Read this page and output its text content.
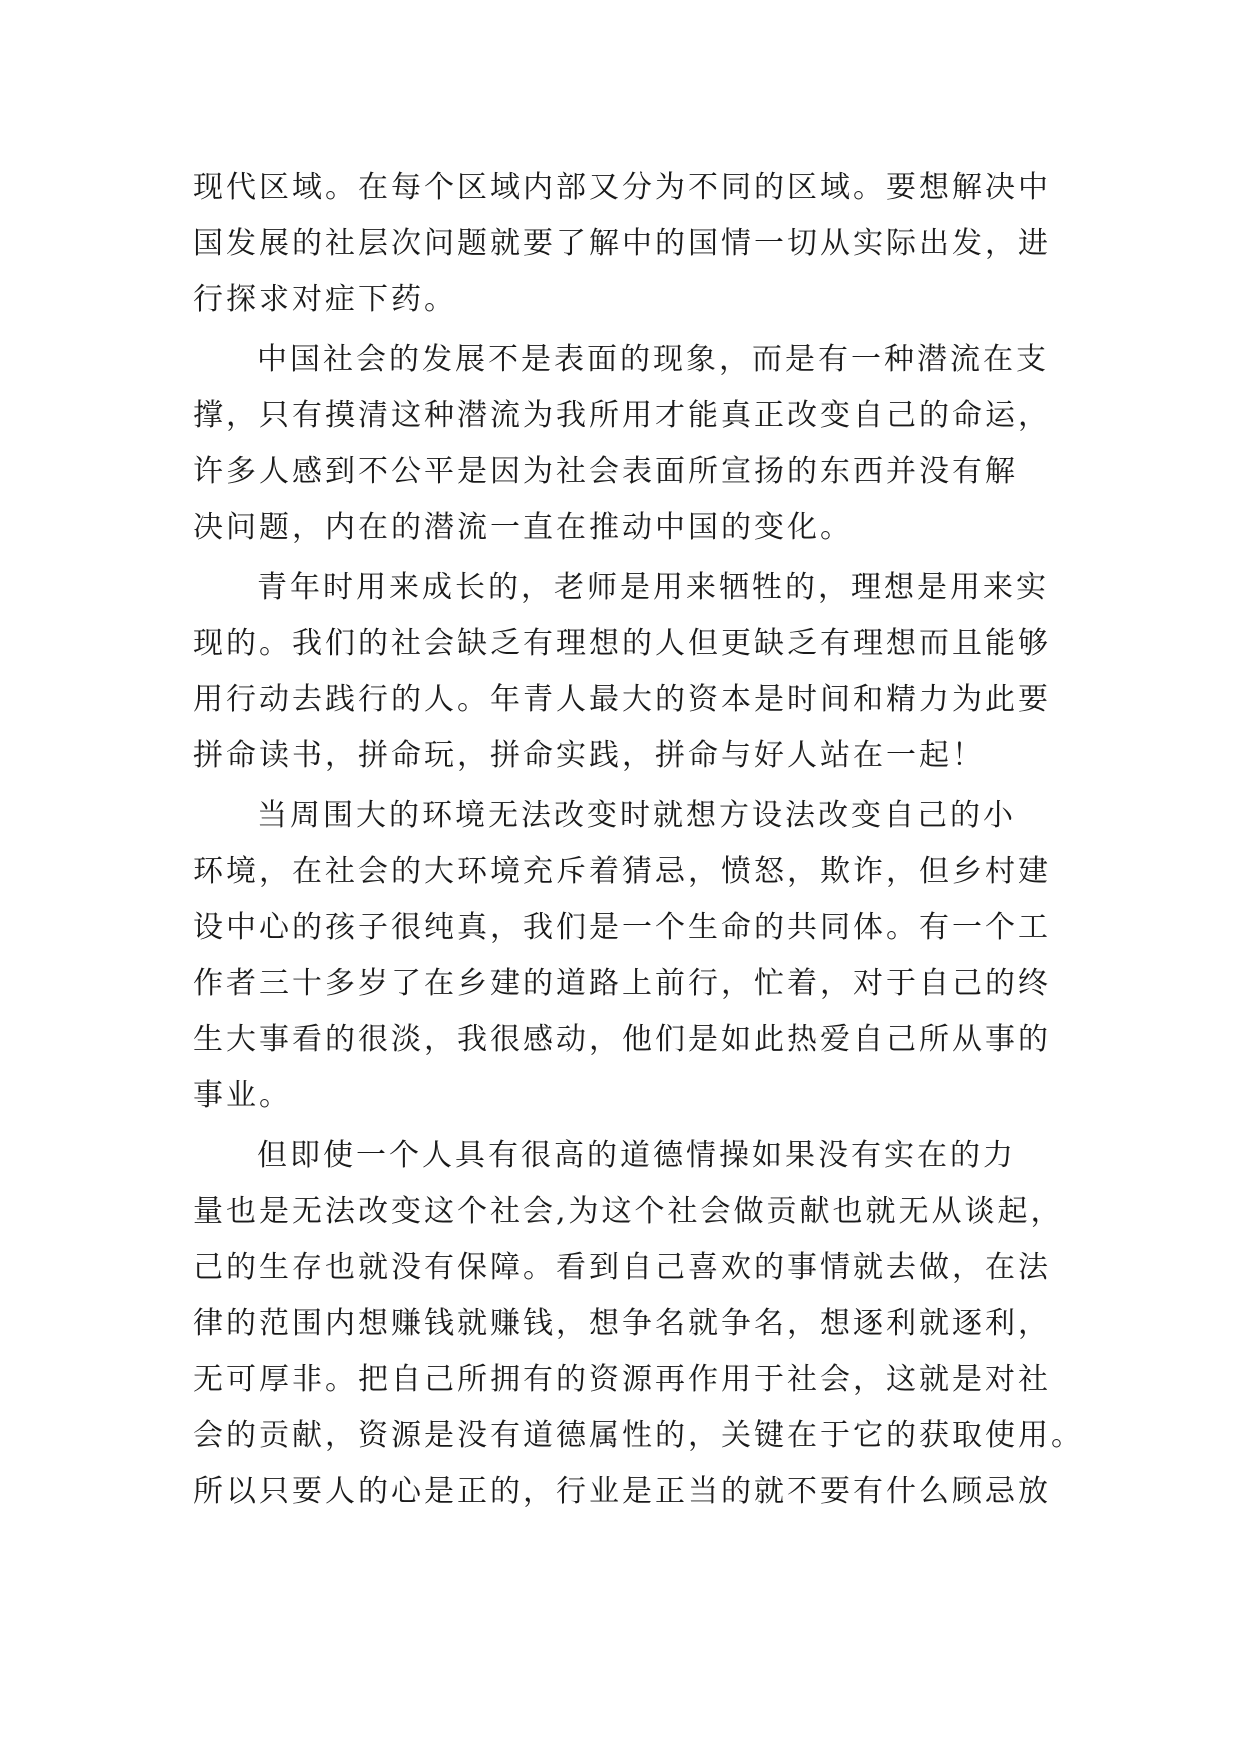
现代区域。在每个区域内部又分为不同的区域。要想解决中
国发展的社层次问题就要了解中的国情一切从实际出发，进
行探求对症下药。
中国社会的发展不是表面的现象，而是有一种潜流在支
撑，只有摸清这种潜流为我所用才能真正改变自己的命运，
许多人感到不公平是因为社会表面所宣扬的东西并没有解
决问题，内在的潜流一直在推动中国的变化。
青年时用来成长的，老师是用来牺牲的，理想是用来实
现的。我们的社会缺乏有理想的人但更缺乏有理想而且能够
用行动去践行的人。年青人最大的资本是时间和精力为此要
拼命读书，拼命玩，拼命实践，拼命与好人站在一起！
当周围大的环境无法改变时就想方设法改变自己的小
环境，在社会的大环境充斥着猜忌，愤怒，欺诈，但乡村建
设中心的孩子很纯真，我们是一个生命的共同体。有一个工
作者三十多岁了在乡建的道路上前行，忙着，对于自己的终
生大事看的很淡，我很感动，他们是如此热爱自己所从事的
事业。
但即使一个人具有很高的道德情操如果没有实在的力
量也是无法改变这个社会,为这个社会做贡献也就无从谈起，
己的生存也就没有保障。看到自己喜欢的事情就去做，在法
律的范围内想赚钱就赚钱，想争名就争名，想逐利就逐利，
无可厚非。把自己所拥有的资源再作用于社会，这就是对社
会的贡献，资源是没有道德属性的，关键在于它的获取使用。
所以只要人的心是正的，行业是正当的就不要有什么顾忌放
